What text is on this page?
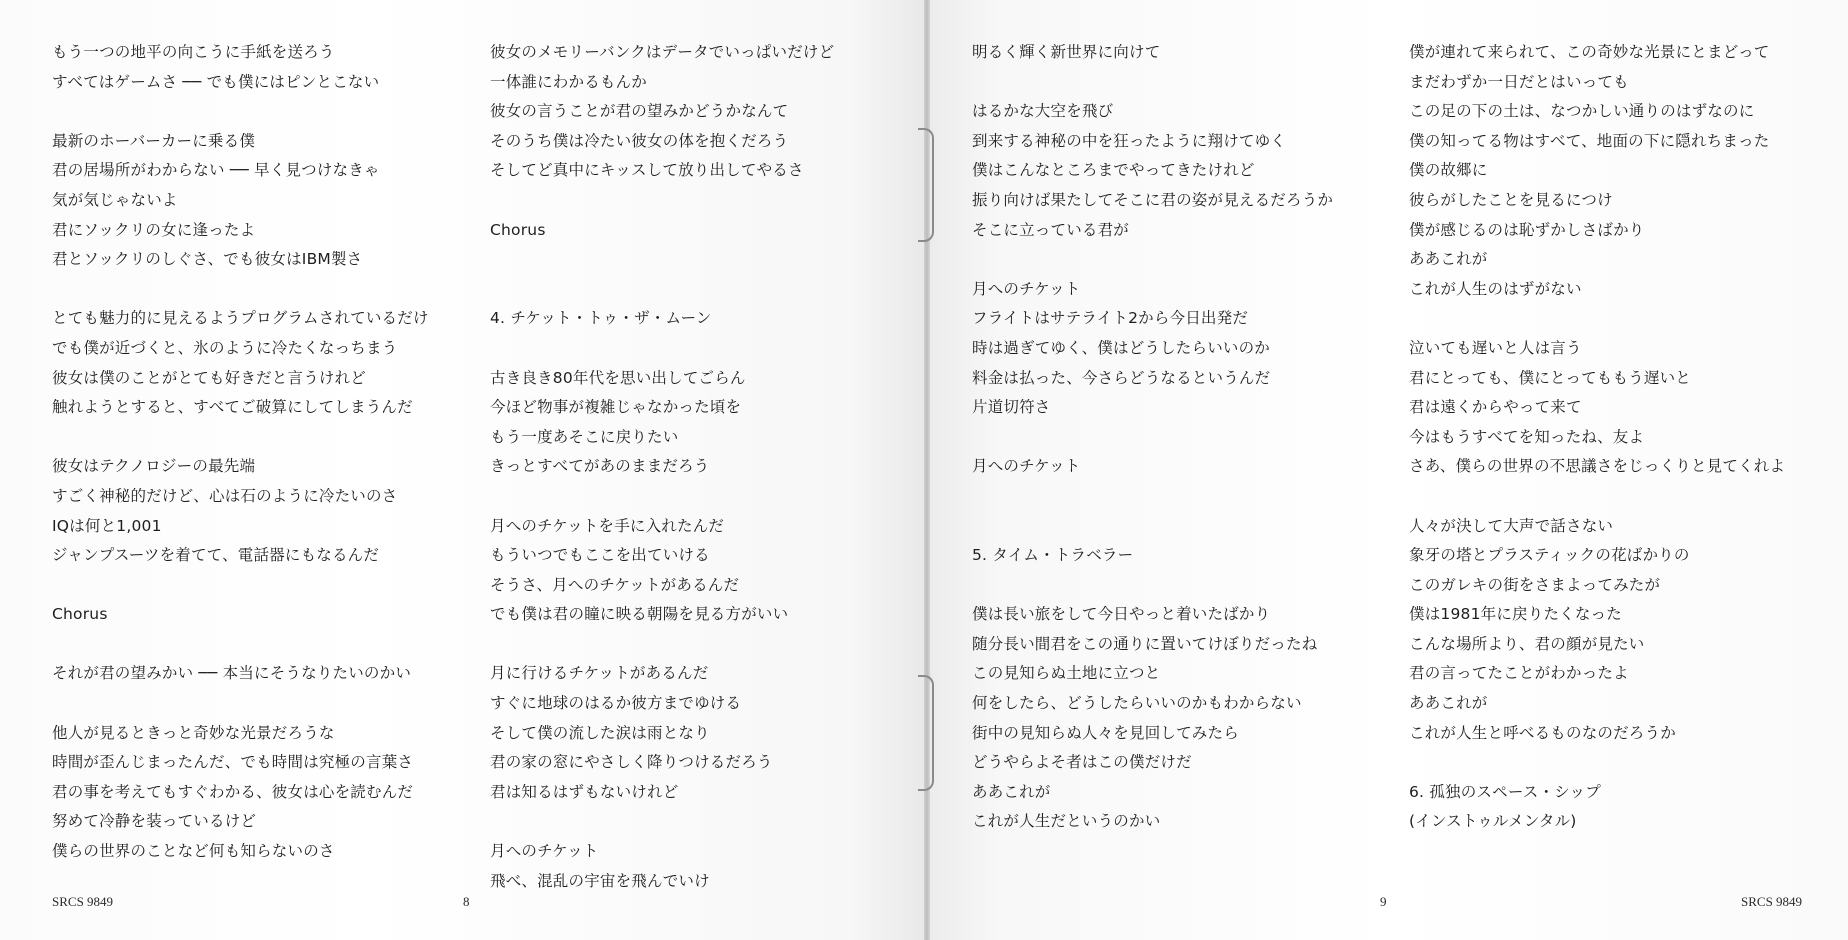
もう一つの地平の向こうに手紙を送ろう
すべてはゲームさ ── でも僕にはピンとこない
最新のホーバーカーに乗る僕
君の居場所がわからない ── 早く見つけなきゃ
気が気じゃないよ
君にソックリの女に逢ったよ
君とソックリのしぐさ、でも彼女はIBM製さ
とても魅力的に見えるようプログラムされているだけ
でも僕が近づくと、氷のように冷たくなっちまう
彼女は僕のことがとても好きだと言うけれど
触れようとすると、すべてご破算にしてしまうんだ
彼女はテクノロジーの最先端
すごく神秘的だけど、心は石のように冷たいのさ
IQは何と1,001
ジャンプスーツを着てて、電話器にもなるんだ
Chorus
それが君の望みかい ── 本当にそうなりたいのかい
他人が見るときっと奇妙な光景だろうな
時間が歪んじまったんだ、でも時間は究極の言葉さ
君の事を考えてもすぐわかる、彼女は心を読むんだ
努めて冷静を装っているけど
僕らの世界のことなど何も知らないのさ
彼女のメモリーバンクはデータでいっぱいだけど
一体誰にわかるもんか
彼女の言うことが君の望みかどうかなんて
そのうち僕は冷たい彼女の体を抱くだろう
そしてど真中にキッスして放り出してやるさ
Chorus
4. チケット・トゥ・ザ・ムーン
古き良き80年代を思い出してごらん
今ほど物事が複雑じゃなかった頃を
もう一度あそこに戻りたい
きっとすべてがあのままだろう
月へのチケットを手に入れたんだ
もういつでもここを出ていける
そうさ、月へのチケットがあるんだ
でも僕は君の瞳に映る朝陽を見る方がいい
月に行けるチケットがあるんだ
すぐに地球のはるか彼方までゆける
そして僕の流した涙は雨となり
君の家の窓にやさしく降りつけるだろう
君は知るはずもないけれど
月へのチケット
飛べ、混乱の宇宙を飛んでいけ
明るく輝く新世界に向けて
はるかな大空を飛び
到来する神秘の中を狂ったように翔けてゆく
僕はこんなところまでやってきたけれど
振り向けば果たしてそこに君の姿が見えるだろうか
そこに立っている君が
月へのチケット
フライトはサテライト2から今日出発だ
時は過ぎてゆく、僕はどうしたらいいのか
料金は払った、今さらどうなるというんだ
片道切符さ
月へのチケット
5. タイム・トラベラー
僕は長い旅をして今日やっと着いたばかり
随分長い間君をこの通りに置いてけぼりだったね
この見知らぬ土地に立つと
何をしたら、どうしたらいいのかもわからない
街中の見知らぬ人々を見回してみたら
どうやらよそ者はこの僕だけだ
ああこれが
これが人生だというのかい
僕が連れて来られて、この奇妙な光景にとまどって
まだわずか一日だとはいっても
この足の下の土は、なつかしい通りのはずなのに
僕の知ってる物はすべて、地面の下に隠れちまった
僕の故郷に
彼らがしたことを見るにつけ
僕が感じるのは恥ずかしさばかり
ああこれが
これが人生のはずがない
泣いても遅いと人は言う
君にとっても、僕にとってももう遅いと
君は遠くからやって来て
今はもうすべてを知ったね、友よ
さあ、僕らの世界の不思議さをじっくりと見てくれよ
人々が決して大声で話さない
象牙の塔とプラスティックの花ばかりの
このガレキの街をさまよってみたが
僕は1981年に戻りたくなった
こんな場所より、君の顔が見たい
君の言ってたことがわかったよ
ああこれが
これが人生と呼べるものなのだろうか
6. 孤独のスペース・シップ
(インストゥルメンタル)
SRCS 9849	8	9	SRCS 9849
